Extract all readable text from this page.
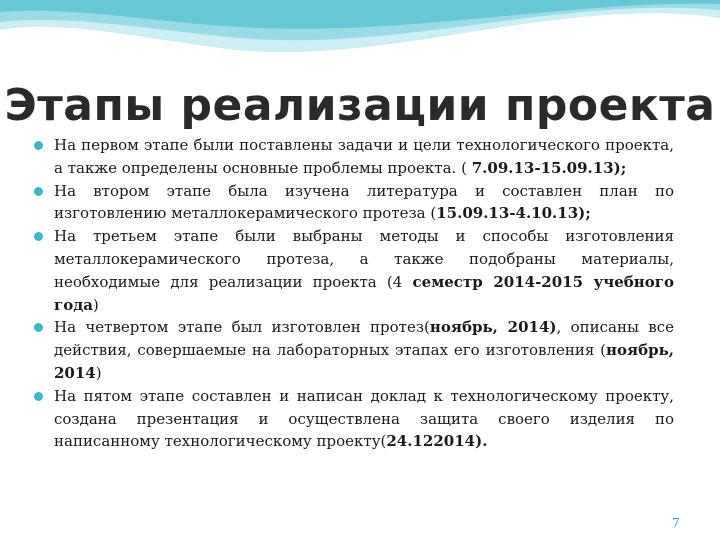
Этапы реализации проекта
На первом этапе были поставлены задачи и цели технологического проекта, а также определены основные проблемы проекта. ( 7.09.13-15.09.13);
На втором этапе была изучена литература и составлен план по изготовлению металлокерамического протеза (15.09.13-4.10.13);
На третьем этапе были выбраны методы и способы изготовления металлокерамического протеза, а также подобраны материалы, необходимые для реализации проекта (4 семестр 2014-2015 учебного года)
На четвертом этапе был изготовлен протез(ноябрь, 2014), описаны все действия, совершаемые на лабораторных этапах его изготовления (ноябрь, 2014)
На пятом этапе составлен и написан доклад к технологическому проекту, создана презентация и осуществлена защита своего изделия по написанному технологическому проекту(24.122014).
7
